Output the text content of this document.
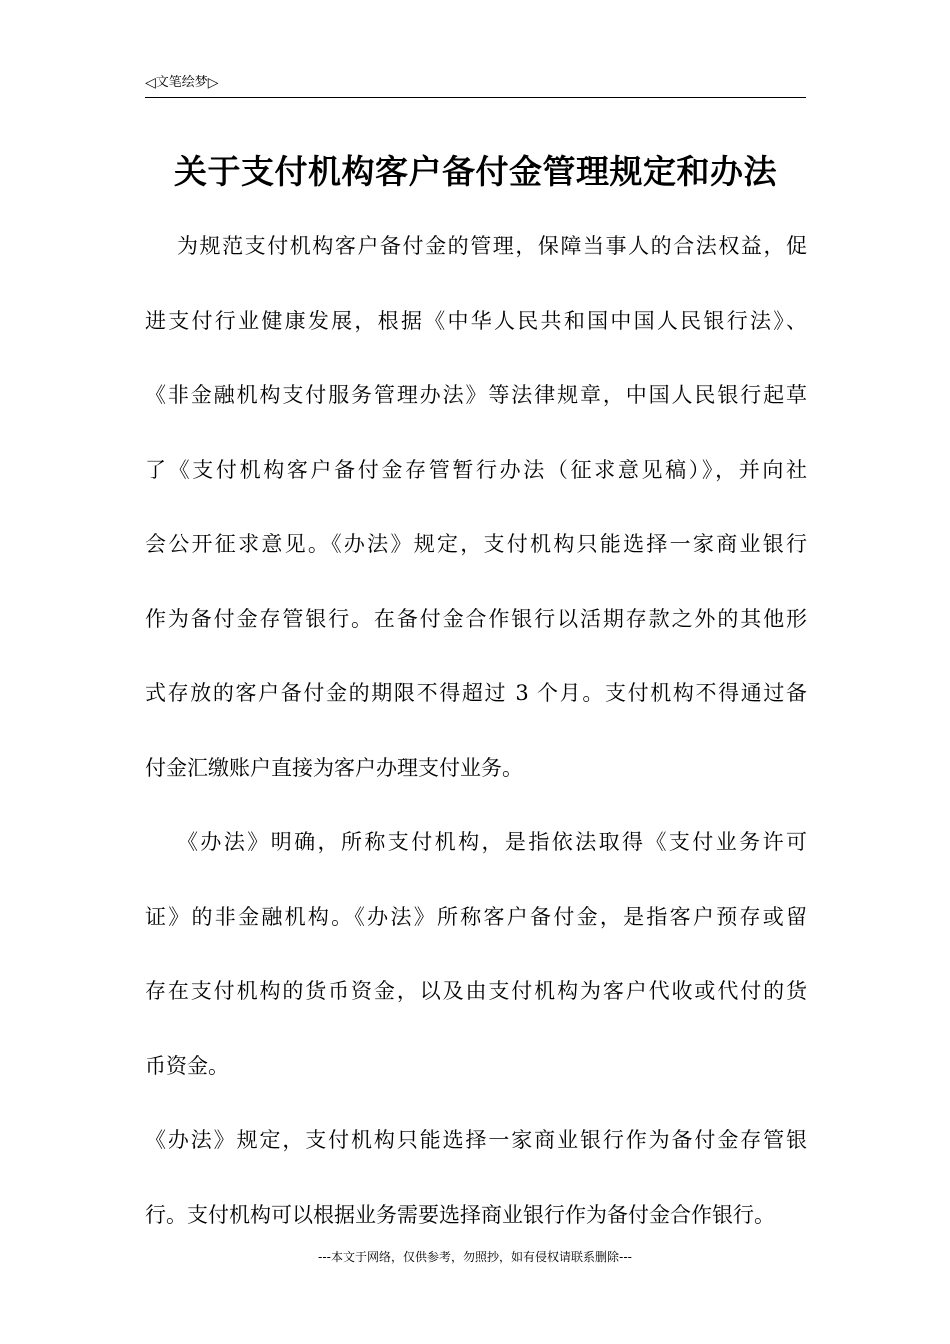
◁ 文笔绘梦 ▷
关于支付机构客户备付金管理规定和办法
为规范支付机构客户备付金的管理，保障当事人的合法权益，促
进支付行业健康发展，根据《中华人民共和国中国人民银行法》、
《非金融机构支付服务管理办法》等法律规章，中国人民银行起草
了《支付机构客户备付金存管暂行办法（征求意见稿）》，并向社
会公开征求意见。《办法》规定，支付机构只能选择一家商业银行
作为备付金存管银行。在备付金合作银行以活期存款之外的其他形
式存放的客户备付金的期限不得超过 3 个月。支付机构不得通过备
付金汇缴账户直接为客户办理支付业务。
《办法》明确，所称支付机构，是指依法取得《支付业务许可
证》的非金融机构。《办法》所称客户备付金，是指客户预存或留
存在支付机构的货币资金，以及由支付机构为客户代收或代付的货
币资金。
《办法》规定，支付机构只能选择一家商业银行作为备付金存管银
行。支付机构可以根据业务需要选择商业银行作为备付金合作银行。
---本文于网络，仅供参考，勿照抄，如有侵权请联系删除---
